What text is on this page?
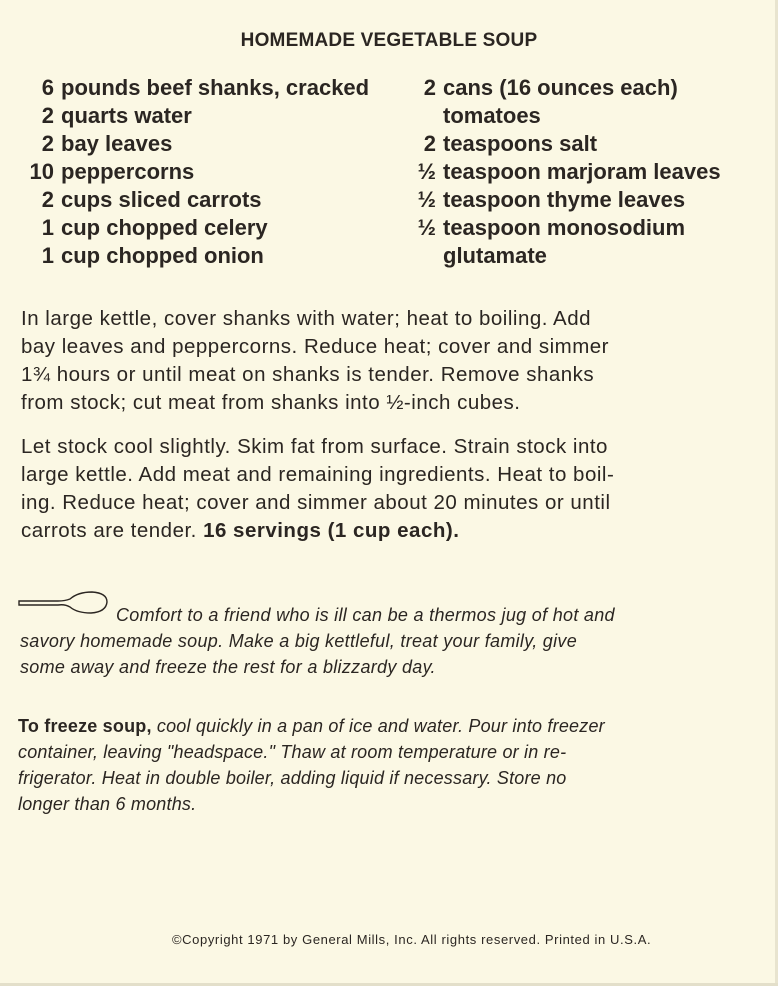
HOMEMADE VEGETABLE SOUP
6 pounds beef shanks, cracked
2 quarts water
2 bay leaves
10 peppercorns
2 cups sliced carrots
1 cup chopped celery
1 cup chopped onion
2 cans (16 ounces each)
tomatoes
2 teaspoons salt
½ teaspoon marjoram leaves
½ teaspoon thyme leaves
½ teaspoon monosodium
glutamate
In large kettle, cover shanks with water; heat to boiling. Add
bay leaves and peppercorns. Reduce heat; cover and simmer
1¾ hours or until meat on shanks is tender. Remove shanks
from stock; cut meat from shanks into ½-inch cubes.
Let stock cool slightly. Skim fat from surface. Strain stock into
large kettle. Add meat and remaining ingredients. Heat to boil-
ing. Reduce heat; cover and simmer about 20 minutes or until
carrots are tender. 16 servings (1 cup each).
Comfort to a friend who is ill can be a thermos jug of hot and
savory homemade soup. Make a big kettleful, treat your family, give
some away and freeze the rest for a blizzardy day.
To freeze soup, cool quickly in a pan of ice and water. Pour into freezer
container, leaving "headspace." Thaw at room temperature or in re-
frigerator. Heat in double boiler, adding liquid if necessary. Store no
longer than 6 months.
©Copyright 1971 by General Mills, Inc. All rights reserved. Printed in U.S.A.
